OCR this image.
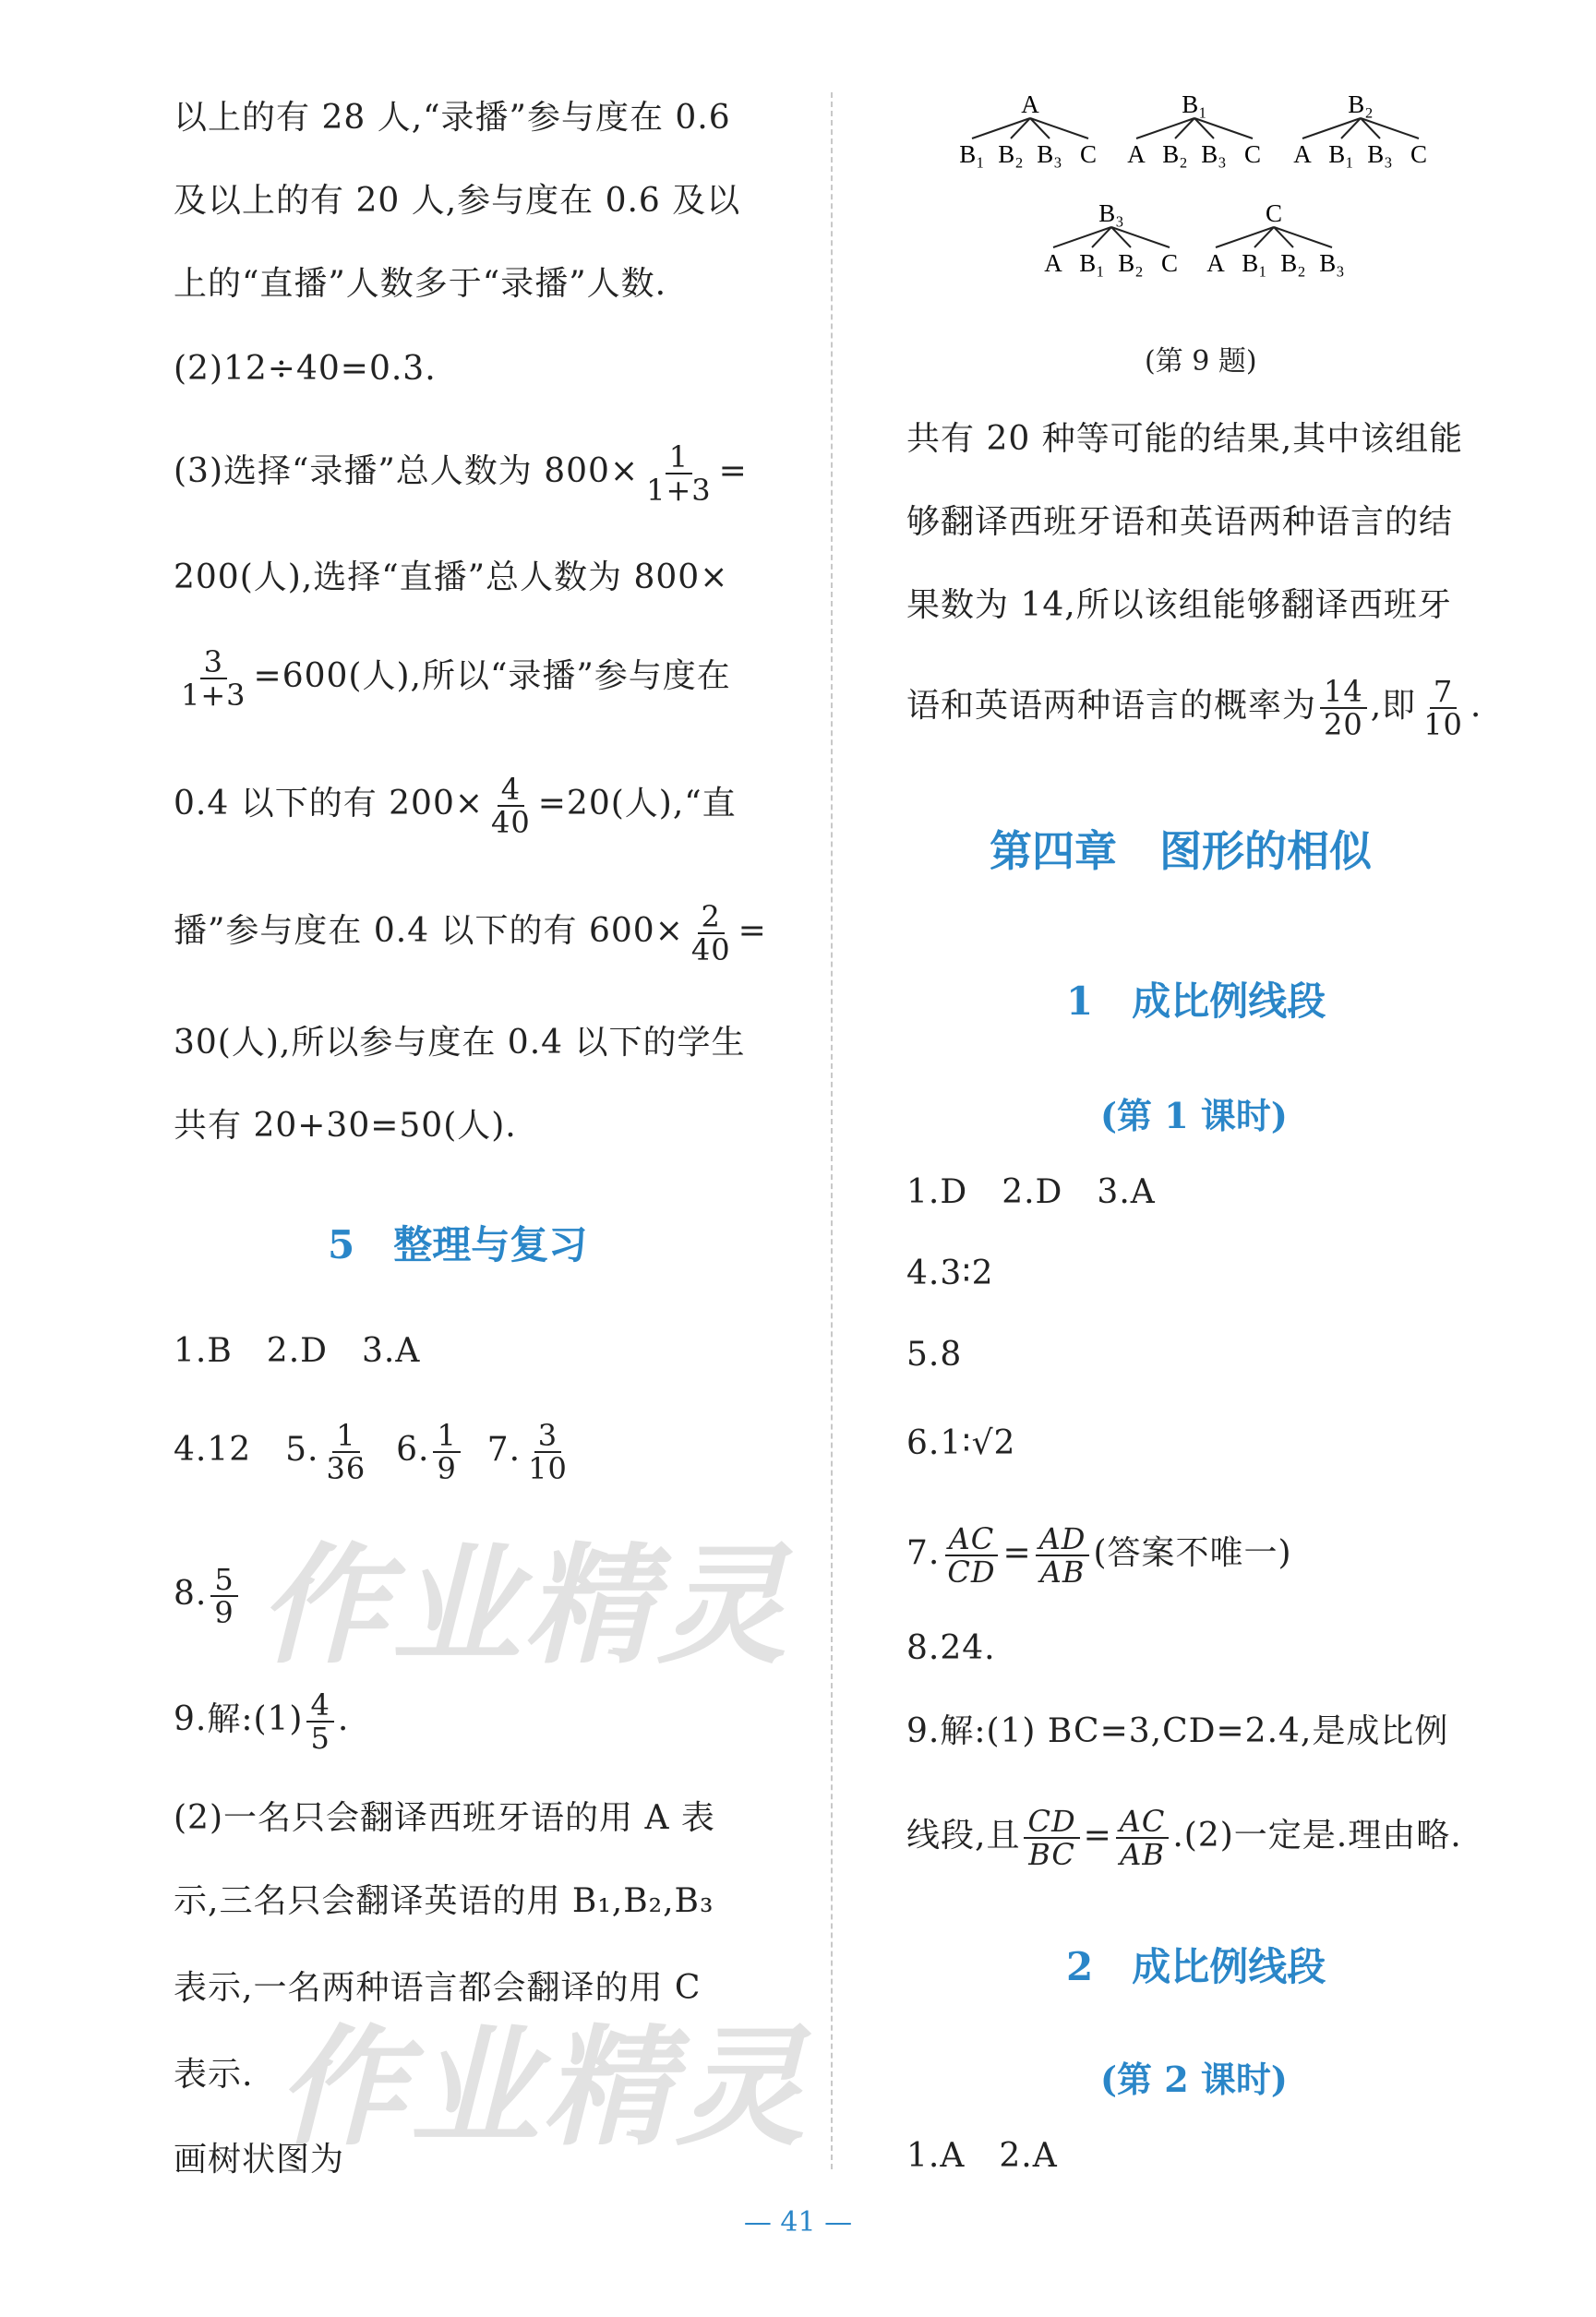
以上的有 28 人,“录播”参与度在 0.6
及以上的有 20 人,参与度在 0.6 及以
上的“直播”人数多于“录播”人数.
(2)12÷40=0.3.
(3)选择“录播”总人数为 $800\times \frac{1}{1+3}$ =
200(人),选择“直播”总人数为 800×
$\frac{3}{1+3} =600$(人),所以“录播”参与度在
0.4 以下的有 $200\times \frac{4}{40} =20$(人),“直
播”参与度在 0.4 以下的有 $600\times \frac{2}{40}$ =
30(人),所以参与度在 0.4 以下的学生
共有 20+30=50(人).
5　整理与复习
1.B　2.D　3.A
4.12　5. $\frac{1}{36} 6$. $\frac{1}{9} 7$. $\frac{3}{10}$
8. $\frac{5}{9}$
9.解:(1) $\frac{4}{5}$ .
(2)一名只会翻译西班牙语的用 A 表
示,三名只会翻译英语的用 B₁,B₂,B₃
表示,一名两种语言都会翻译的用 C
表示.
画树状图为
A
B₁ B₂ B₃ C
B₁
A B₂ B₃ C
B₂
A B₁ B₃ C
B₃
A B₁ B₂ C
C
A B₁ B₂ B₃
(第 9 题)
共有 20 种等可能的结果,其中该组能
够翻译西班牙语和英语两种语言的结
果数为 14,所以该组能够翻译西班牙
语和英语两种语言的概率为 $\frac{14}{20}$ ,即 $\frac{7}{10}$ .
第四章　图形的相似
1　成比例线段
(第 1 课时)
1.D　2.D　3.A
4.3∶2
5.8
6.1∶√2
7. $\frac{AC}{CD} = \frac{AD}{AB}$ (答案不唯一)
8.24.
9.解:(1) BC=3,CD=2.4,是成比例
线段,且 $\frac{CD}{BC} = \frac{AC}{AB} .(2)$一定是.理由略.
2　成比例线段
(第 2 课时)
1.A　2.A
作业精灵
作业精灵
— 41 —
